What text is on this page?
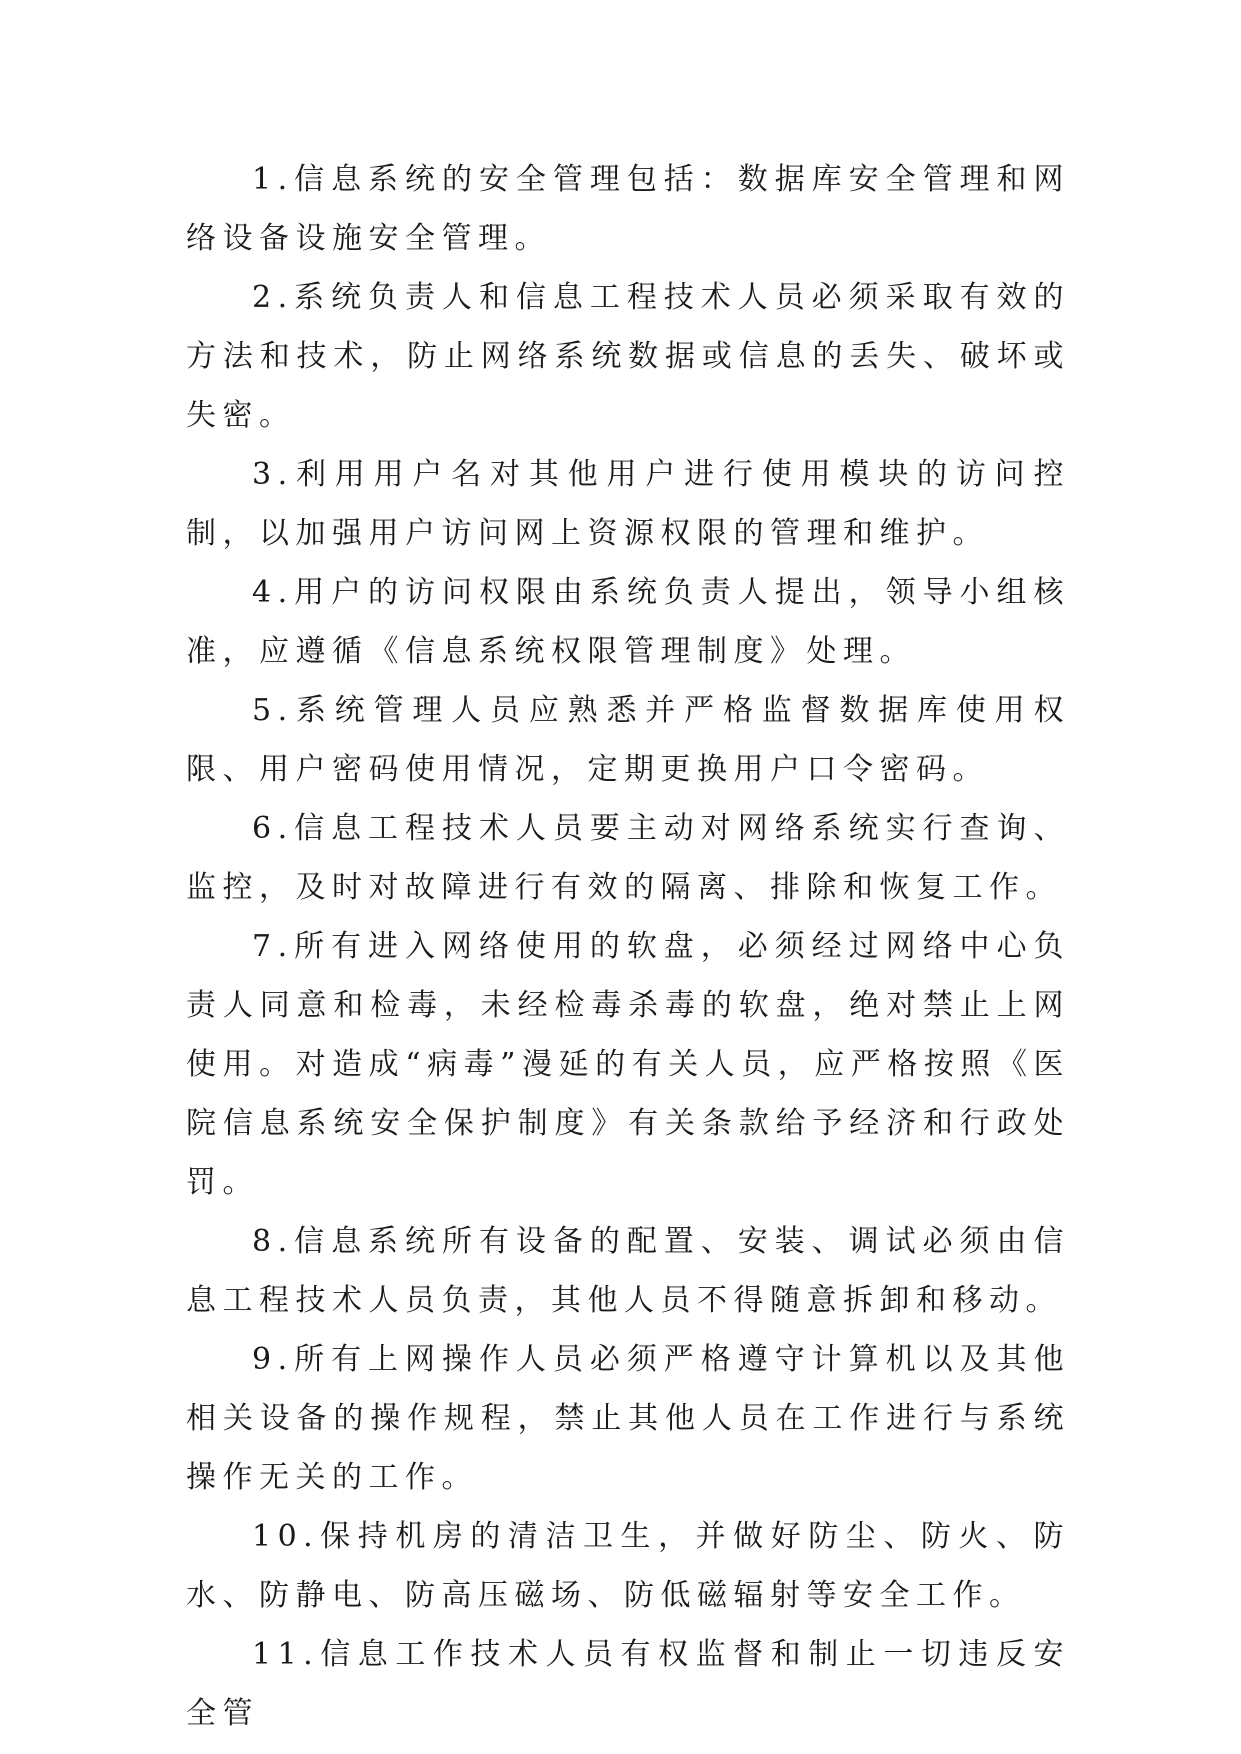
1.信息系统的安全管理包括：数据库安全管理和网络设备设施安全管理。

2.系统负责人和信息工程技术人员必须采取有效的方法和技术，防止网络系统数据或信息的丢失、破坏或失密。

3.利用用户名对其他用户进行使用模块的访问控制，以加强用户访问网上资源权限的管理和维护。

4.用户的访问权限由系统负责人提出，领导小组核准，应遵循《信息系统权限管理制度》处理。

5.系统管理人员应熟悉并严格监督数据库使用权限、用户密码使用情况，定期更换用户口令密码。

6.信息工程技术人员要主动对网络系统实行查询、监控，及时对故障进行有效的隔离、排除和恢复工作。

7.所有进入网络使用的软盘，必须经过网络中心负责人同意和检毒，未经检毒杀毒的软盘，绝对禁止上网使用。对造成“病毒”漫延的有关人员，应严格按照《医院信息系统安全保护制度》有关条款给予经济和行政处罚。

8.信息系统所有设备的配置、安装、调试必须由信息工程技术人员负责，其他人员不得随意拆卸和移动。

9.所有上网操作人员必须严格遵守计算机以及其他相关设备的操作规程，禁止其他人员在工作进行与系统操作无关的工作。

10.保持机房的清洁卫生，并做好防尘、防火、防水、防静电、防高压磁场、防低磁辐射等安全工作。

11.信息工作技术人员有权监督和制止一切违反安全管
